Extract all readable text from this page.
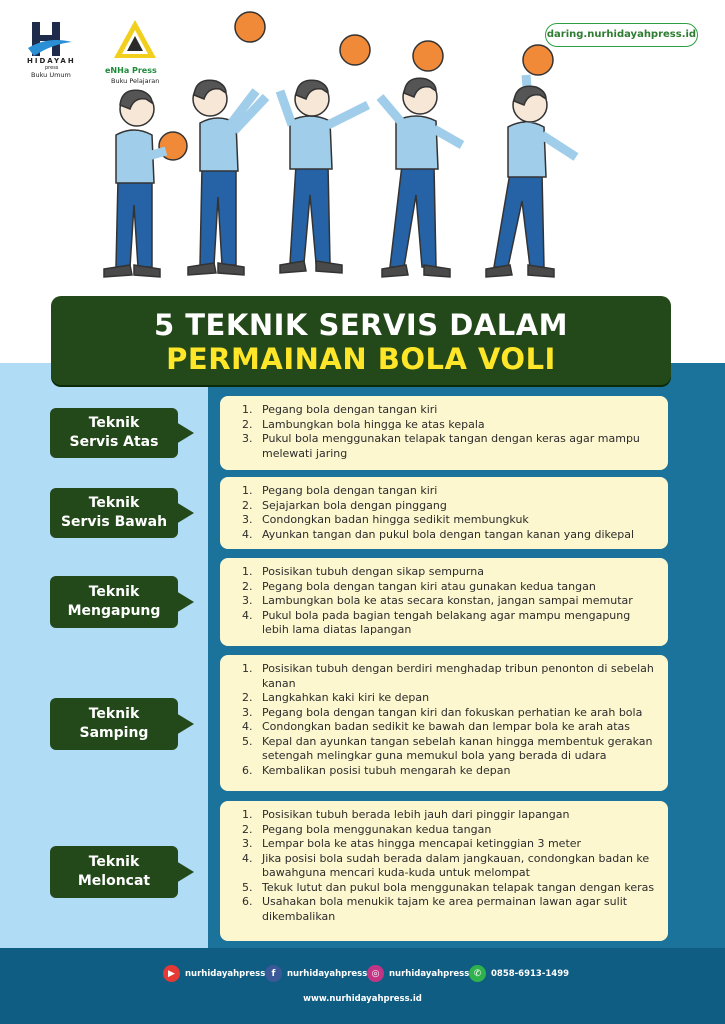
HIDAYAH
press
Buku Umum	eNHa Press
Buku Pelajaran
daring.nurhidayahpress.id
5 TEKNIK SERVIS DALAM
PERMAINAN BOLA VOLI
Teknik
Servis Atas
1. Pegang bola dengan tangan kiri
2. Lambungkan bola hingga ke atas kepala
3. Pukul bola menggunakan telapak tangan dengan keras agar mampu melewati jaring
Teknik
Servis Bawah
1. Pegang bola dengan tangan kiri
2. Sejajarkan bola dengan pinggang
3. Condongkan badan hingga sedikit membungkuk
4. Ayunkan tangan dan pukul bola dengan tangan kanan yang dikepal
Teknik
Mengapung
1. Posisikan tubuh dengan sikap sempurna
2. Pegang bola dengan tangan kiri atau gunakan kedua tangan
3. Lambungkan bola ke atas secara konstan, jangan sampai memutar
4. Pukul bola pada bagian tengah belakang agar mampu mengapung lebih lama diatas lapangan
Teknik
Samping
1. Posisikan tubuh dengan berdiri menghadap tribun penonton di sebelah kanan
2. Langkahkan kaki kiri ke depan
3. Pegang bola dengan tangan kiri dan fokuskan perhatian ke arah bola
4. Condongkan badan sedikit ke bawah dan lempar bola ke arah atas
5. Kepal dan ayunkan tangan sebelah kanan hingga membentuk gerakan setengah melingkar guna memukul bola yang berada di udara
6. Kembalikan posisi tubuh mengarah ke depan
Teknik
Meloncat
1. Posisikan tubuh berada lebih jauh dari pinggir lapangan
2. Pegang bola menggunakan kedua tangan
3. Lempar bola ke atas hingga mencapai ketinggian 3 meter
4. Jika posisi bola sudah berada dalam jangkauan, condongkan badan ke bawahguna mencari kuda-kuda untuk melompat
5. Tekuk lutut dan pukul bola menggunakan telapak tangan dengan keras
6. Usahakan bola menukik tajam ke area permainan lawan agar sulit dikembalikan
▶	nurhidayahpress f	nurhidayahpress ◎	nurhidayahpress ✆	0858-6913-1499
www.nurhidayahpress.id
